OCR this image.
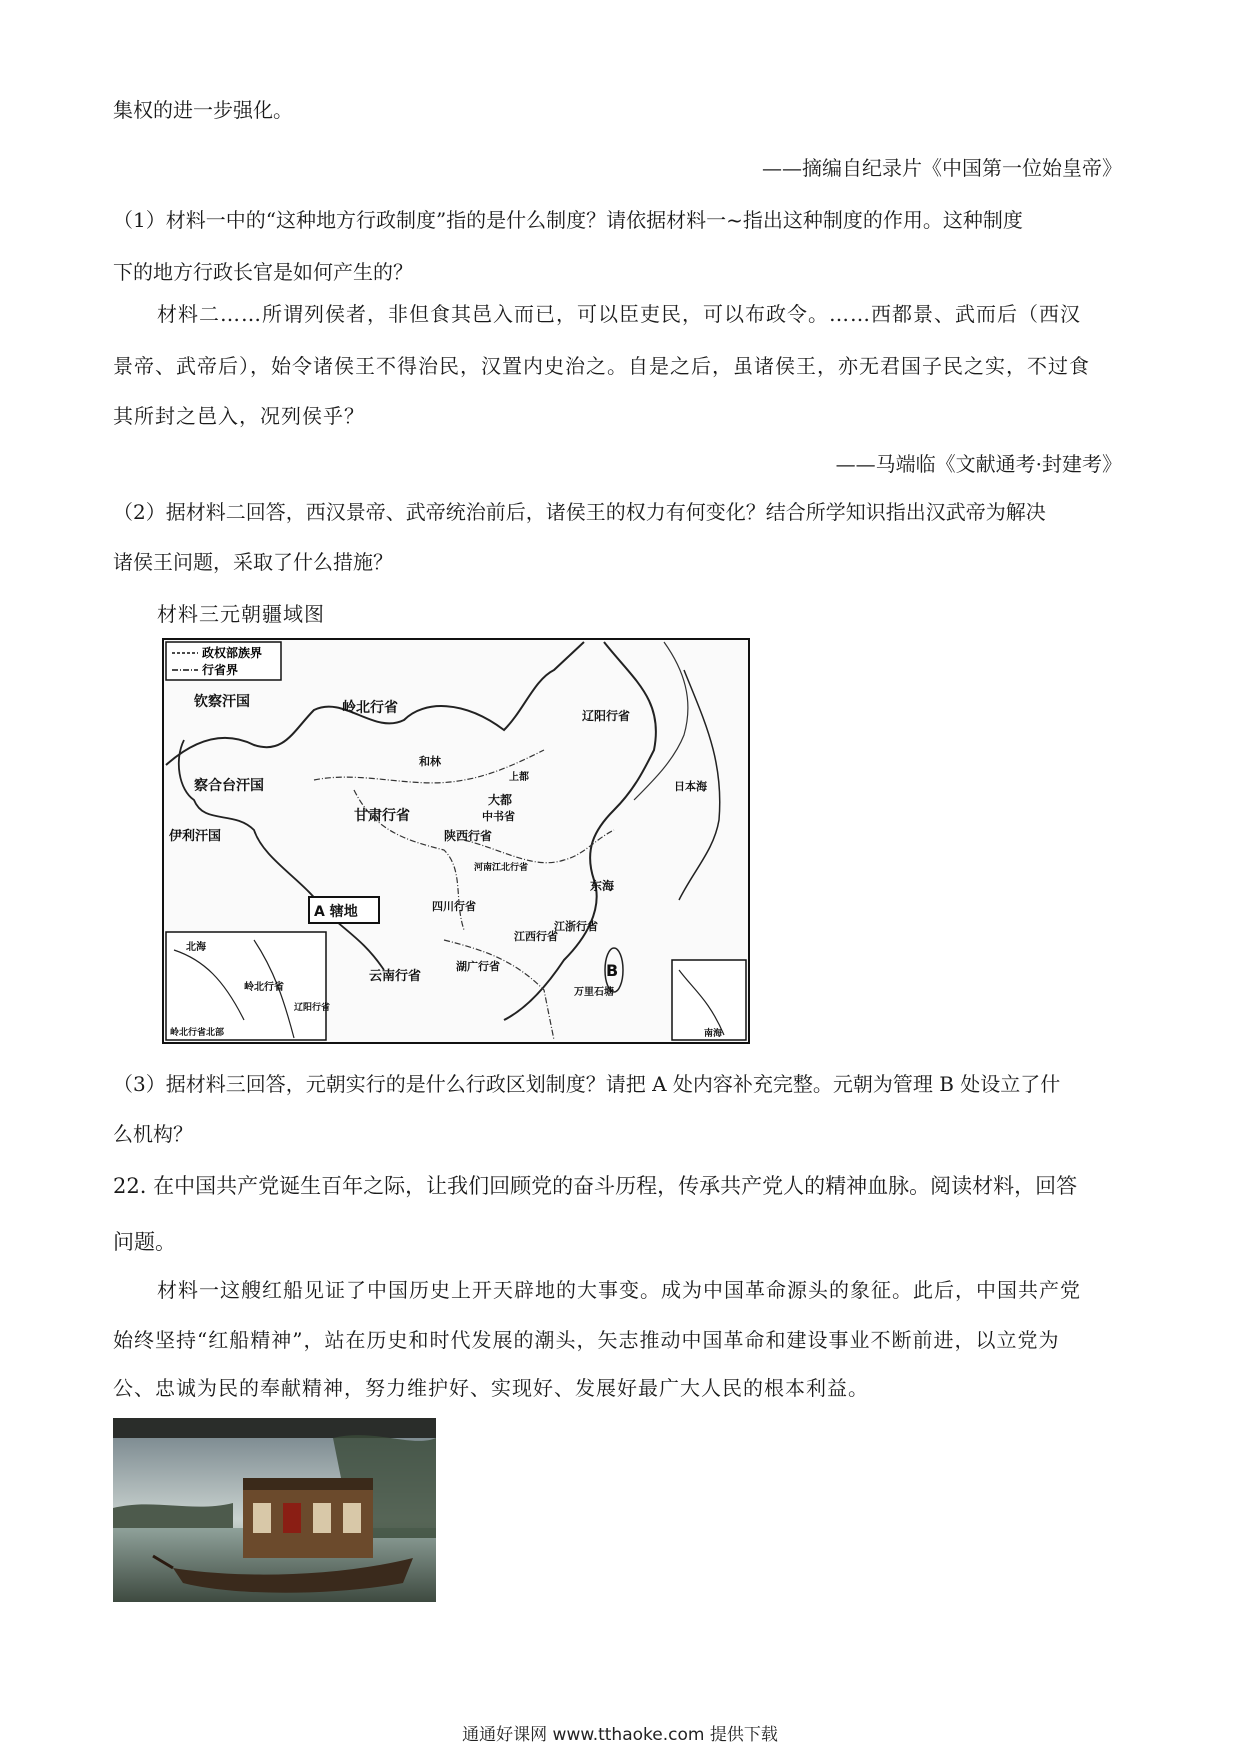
集权的进一步强化。
——摘编自纪录片《中国第一位始皇帝》
（1）材料一中的“这种地方行政制度”指的是什么制度？请依据材料一~指出这种制度的作用。这种制度
下的地方行政长官是如何产生的？
材料二……所谓列侯者，非但食其邑入而已，可以臣吏民，可以布政令。……西都景、武而后（西汉
景帝、武帝后），始令诸侯王不得治民，汉置内史治之。自是之后，虽诸侯王，亦无君国子民之实，不过食
其所封之邑入，况列侯乎？
——马端临《文献通考·封建考》
（2）据材料二回答，西汉景帝、武帝统治前后，诸侯王的权力有何变化？结合所学知识指出汉武帝为解决
诸侯王问题，采取了什么措施？
材料三元朝疆域图
政权部族界
行省界
钦察汗国	岭北行省
和林
察合台汗国
伊利汗国
甘肃行省
陕西行省
中书省
大都
上都
辽阳行省
A 辖地	四川行省
云南行省
湖广行省
江浙行省
江西行省
河南江北行省
B
东海
万里石塘
北海
岭北行省
辽阳行省
岭北行省北部	南海
日本海
（3）据材料三回答，元朝实行的是什么行政区划制度？请把 A 处内容补充完整。元朝为管理 B 处设立了什
么机构？
22. 在中国共产党诞生百年之际，让我们回顾党的奋斗历程，传承共产党人的精神血脉。阅读材料，回答
问题。
材料一这艘红船见证了中国历史上开天辟地的大事变。成为中国革命源头的象征。此后，中国共产党
始终坚持“红船精神”，站在历史和时代发展的潮头，矢志推动中国革命和建设事业不断前进，以立党为
公、忠诚为民的奉献精神，努力维护好、实现好、发展好最广大人民的根本利益。
通通好课网 www.tthaoke.com 提供下载
